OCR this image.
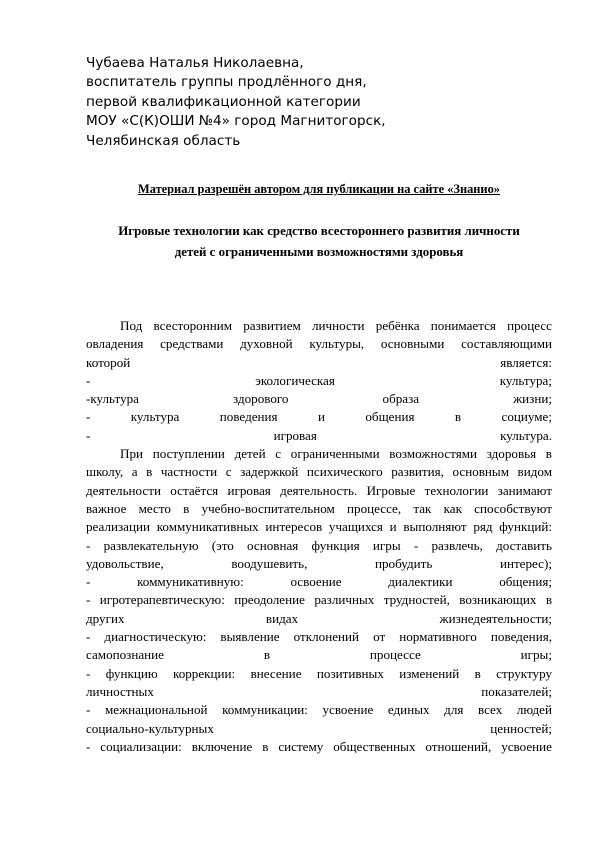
Чубаева Наталья Николаевна,
воспитатель группы продлённого дня,
первой квалификационной категории
МОУ «С(К)ОШИ №4» город Магнитогорск,
Челябинская область

Материал разрешён автором для публикации на сайте «Знанио»

Игровые технологии как средство всестороннего развития личности
детей с ограниченными возможностями здоровья
Под всесторонним развитием личности ребёнка понимается процесс
овладения средствами духовной культуры, основными составляющими
которой является:
- экологическая культура;
-культура здорового образа жизни;
- культура поведения и общения в социуме;
- игровая культура.
При поступлении детей с ограниченными возможностями здоровья в
школу, а в частности с задержкой психического развития, основным видом
деятельности остаётся игровая деятельность. Игровые технологии занимают
важное место в учебно-воспитательном процессе, так как способствуют
реализации коммуникативных интересов учащихся и выполняют ряд функций:
- развлекательную (это основная функция игры - развлечь, доставить
удовольствие, воодушевить, пробудить интерес);
- коммуникативную: освоение диалектики общения;
- игротерапевтическую: преодоление различных трудностей, возникающих в
других видах жизнедеятельности;
- диагностическую: выявление отклонений от нормативного поведения,
самопознание в процессе игры;
- функцию коррекции: внесение позитивных изменений в структуру
личностных показателей;
- межнациональной коммуникации: усвоение единых для всех людей
социально-культурных ценностей;
- социализации: включение в систему общественных отношений, усвоение
